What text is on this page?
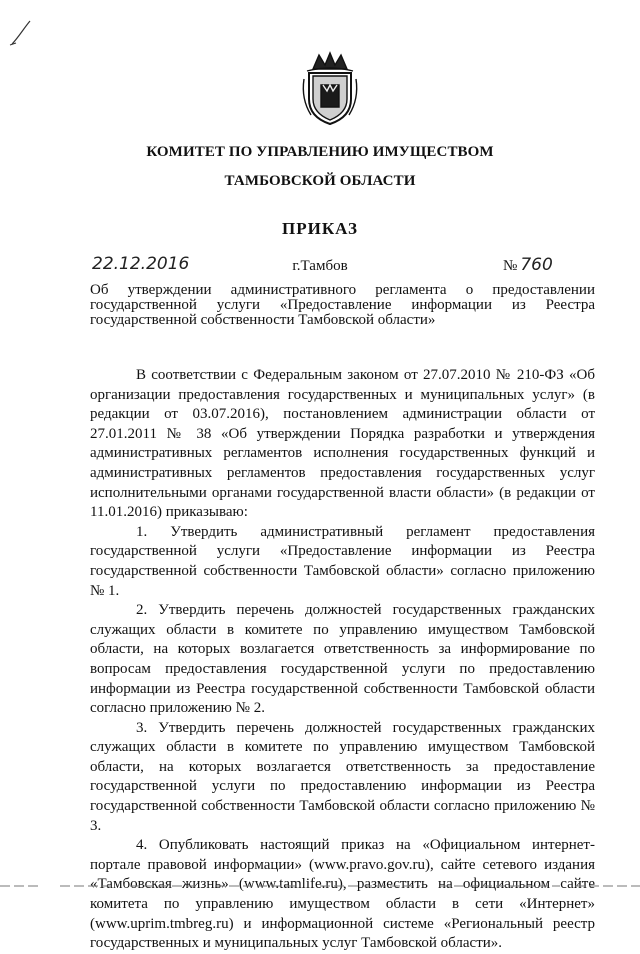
КОМИТЕТ ПО УПРАВЛЕНИЮ ИМУЩЕСТВОМ
ТАМБОВСКОЙ ОБЛАСТИ
ПРИКАЗ
22.12.2016	г.Тамбов	№ 760
Об утверждении административного регламента о предоставлении государственной услуги «Предоставление информации из Реестра государственной собственности Тамбовской области»

В соответствии с Федеральным законом от 27.07.2010 № 210-ФЗ «Об организации предоставления государственных и муниципальных услуг» (в редакции от 03.07.2016), постановлением администрации области от 27.01.2011 № 38 «Об утверждении Порядка разработки и утверждения административных регламентов исполнения государственных функций и административных регламентов предоставления государственных услуг исполнительными органами государственной власти области» (в редакции от 11.01.2016) приказываю:

1. Утвердить административный регламент предоставления государственной услуги «Предоставление информации из Реестра государственной собственности Тамбовской области» согласно приложению № 1.

2. Утвердить перечень должностей государственных гражданских служащих области в комитете по управлению имуществом Тамбовской области, на которых возлагается ответственность за информирование по вопросам предоставления государственной услуги по предоставлению информации из Реестра государственной собственности Тамбовской области согласно приложению № 2.

3. Утвердить перечень должностей государственных гражданских служащих области в комитете по управлению имуществом Тамбовской области, на которых возлагается ответственность за предоставление государственной услуги по предоставлению информации из Реестра государственной собственности Тамбовской области согласно приложению № 3.

4. Опубликовать настоящий приказ на «Официальном интернет-портале правовой информации» (www.pravo.gov.ru), сайте сетевого издания «Тамбовская жизнь» (www.tamlife.ru), разместить на официальном сайте комитета по управлению имуществом области в сети «Интернет» (www.uprim.tmbreg.ru) и информационной системе «Региональный реестр государственных и муниципальных услуг Тамбовской области».
